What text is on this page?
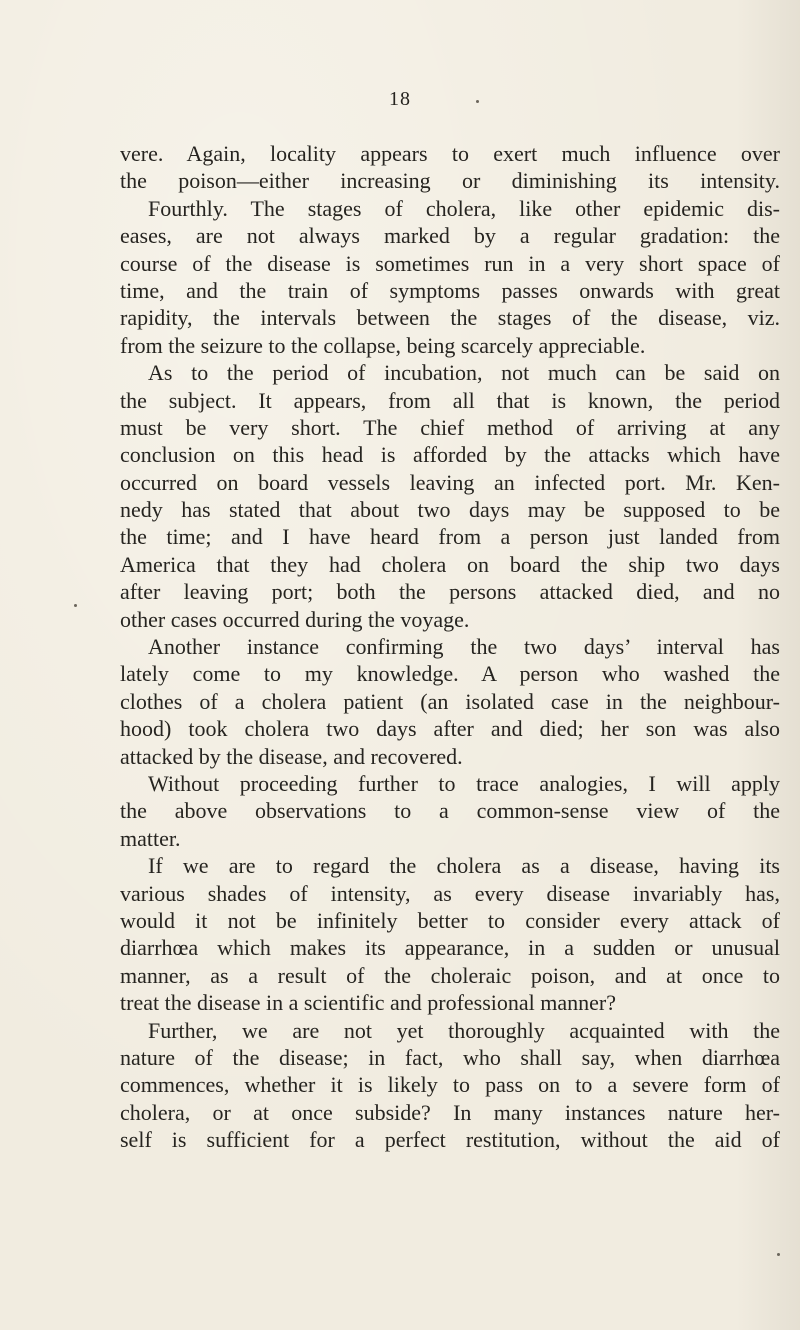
18
vere. Again, locality appears to exert much influence over
the poison—either increasing or diminishing its intensity.
Fourthly. The stages of cholera, like other epidemic dis-
eases, are not always marked by a regular gradation: the
course of the disease is sometimes run in a very short space of
time, and the train of symptoms passes onwards with great
rapidity, the intervals between the stages of the disease, viz.
from the seizure to the collapse, being scarcely appreciable.
As to the period of incubation, not much can be said on
the subject. It appears, from all that is known, the period
must be very short. The chief method of arriving at any
conclusion on this head is afforded by the attacks which have
occurred on board vessels leaving an infected port. Mr. Ken-
nedy has stated that about two days may be supposed to be
the time; and I have heard from a person just landed from
America that they had cholera on board the ship two days
after leaving port; both the persons attacked died, and no
other cases occurred during the voyage.
Another instance confirming the two days’ interval has
lately come to my knowledge. A person who washed the
clothes of a cholera patient (an isolated case in the neighbour-
hood) took cholera two days after and died; her son was also
attacked by the disease, and recovered.
Without proceeding further to trace analogies, I will apply
the above observations to a common-sense view of the
matter.
If we are to regard the cholera as a disease, having its
various shades of intensity, as every disease invariably has,
would it not be infinitely better to consider every attack of
diarrhœa which makes its appearance, in a sudden or unusual
manner, as a result of the choleraic poison, and at once to
treat the disease in a scientific and professional manner?
Further, we are not yet thoroughly acquainted with the
nature of the disease; in fact, who shall say, when diarrhœa
commences, whether it is likely to pass on to a severe form of
cholera, or at once subside? In many instances nature her-
self is sufficient for a perfect restitution, without the aid of
